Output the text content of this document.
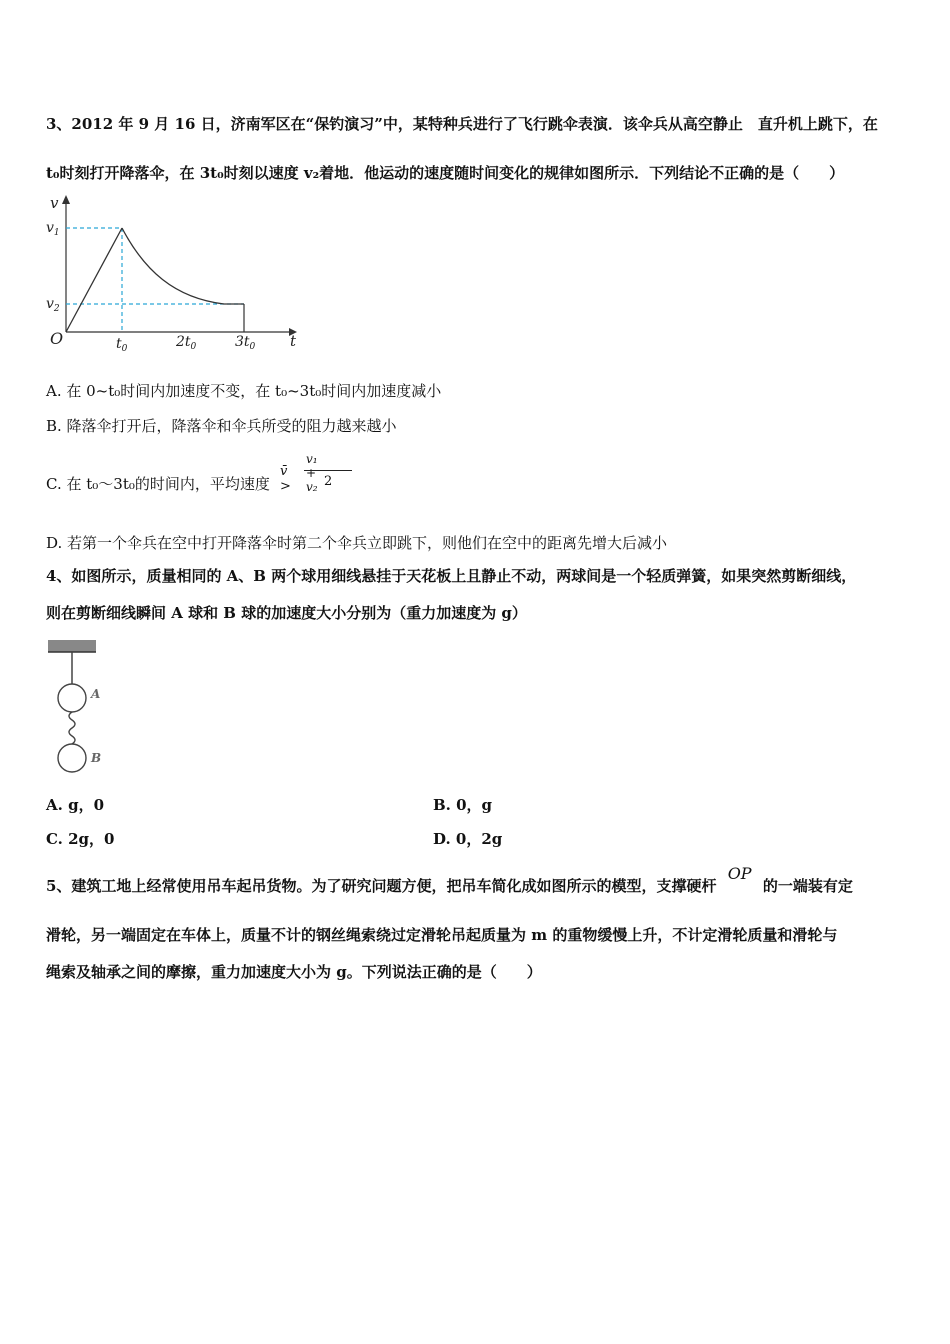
3、2012 年 9 月 16 日，济南军区在“保钓演习”中，某特种兵进行了飞行跳伞表演．该伞兵从高空静止　直升机上跳下，在
t₀时刻打开降落伞，在 3t₀时刻以速度 v₂着地．他运动的速度随时间变化的规律如图所示．下列结论不正确的是（　　）
v
t
O
$v_1$
$v_2$
$t_0$	$2t_0$	$3t_0$
A. 在 0~t₀时间内加速度不变，在 t₀~3t₀时间内加速度减小
B. 降落伞打开后，降落伞和伞兵所受的阻力越来越小
C. 在 t₀～3t₀的时间内，平均速度
v̄ >
v₁ + v₂ 2
D. 若第一个伞兵在空中打开降落伞时第二个伞兵立即跳下，则他们在空中的距离先增大后减小
4、如图所示，质量相同的 A、B 两个球用细线悬挂于天花板上且静止不动，两球间是一个轻质弹簧，如果突然剪断细线，
则在剪断细线瞬间 A 球和 B 球的加速度大小分别为（重力加速度为 g）
A
B
A. g，0	B. 0，g
C. 2g，0	D. 0，2g
5、建筑工地上经常使用吊车起吊货物。为了研究问题方便，把吊车简化成如图所示的模型，支撑硬杆 OP 的一端装有定
滑轮，另一端固定在车体上，质量不计的钢丝绳索绕过定滑轮吊起质量为 m 的重物缓慢上升，不计定滑轮质量和滑轮与
绳索及轴承之间的摩擦，重力加速度大小为 g。下列说法正确的是（　　）
